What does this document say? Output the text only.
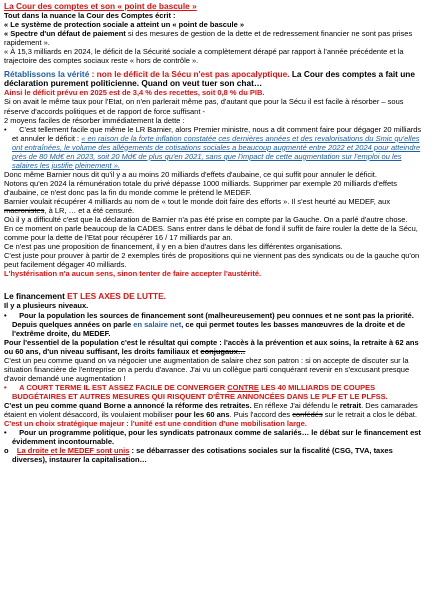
La Cour des comptes et son « point de bascule »
Tout dans la nuance la Cour des Comptes écrit :
« Le système de protection sociale a atteint un « point de bascule »
« Spectre d'un défaut de paiement si des mesures de gestion de la dette et de redressement financier ne sont pas prises rapidement ».
« À 15,3 milliards en 2024, le déficit de la Sécurité sociale a complètement dérapé par rapport à l'année précédente et la trajectoire des comptes sociaux reste « hors de contrôle ».
Rétablissons la vérité : non le déficit de la Sécu n'est pas apocalyptique. La Cour des comptes a fait une déclaration purement politicienne. Quand on veut tuer son chat…
Ainsi le déficit prévu en 2025 est de 3,4 % des recettes, soit 0,8 % du PIB.
Si on avait le même taux pour l'Etat, on n'en parlerait même pas, d'autant que pour la Sécu il est facile à résorber – sous réserve d'accords politiques et de rapport de force suffisant -
2 moyens faciles de résorber immédiatement la dette :
•      C'est tellement facile que même le LR Barnier, alors Premier ministre, nous a dit comment faire pour dégager 20 milliards et annuler le déficit : « en raison de la forte inflation constatée ces dernières années et des revalorisations du Smic qu'elles ont entraînées, le volume des allégements de cotisations sociales a beaucoup augmenté entre 2022 et 2024 pour atteindre près de 80 Md€ en 2023, soit 20 Md€ de plus qu'en 2021, sans que l'impact de cette augmentation sur l'emploi ou les salaires les justifie pleinement ».
Donc même Barnier nous dit qu'il y a au moins 20 milliards d'effets d'aubaine, ce qui suffit pour annuler le déficit.
Notons qu'en 2024 la rémunération totale du privé dépasse 1000 milliards. Supprimer par exemple 20 milliards d'effets d'aubaine, ce n'est donc pas la fin du monde comme le prétend le MEDEF.
Barnier voulait récupérer 4 milliards au nom de « tout le monde doit faire des efforts ». Il s'est heurté au MEDEF, aux macronistes, à LR, … et a été censuré.
Où il y a difficulté c'est que la déclaration de Barnier n'a pas été prise en compte par la Gauche. On a parlé d'autre chose.
En ce moment on parle beaucoup de la CADES. Sans entrer dans le débat de fond il suffit de faire rouler la dette de la Sécu, comme pour la dette de l'Etat pour récupérer 16 / 17 milliards par an.
Ce n'est pas une proposition de financement, il y en a bien d'autres dans les différentes organisations.
C'est juste pour prouver à partir de 2 exemples tirés de propositions qui ne viennent pas des syndicats ou de la gauche qu'on peut facilement dégager 40 milliards.
L'hystérisation n'a aucun sens, sinon tenter de faire accepter l'austérité.
Le financement ET LES AXES DE LUTTE.
Il y a plusieurs niveaux.
•      Pour la population les sources de financement sont (malheureusement) peu connues et ne sont pas la priorité. Depuis quelques années on parle en salaire net, ce qui permet toutes les basses manœuvres de la droite et de l'extrême droite, du MEDEF.
Pour l'essentiel de la population c'est le résultat qui compte : l'accès à la prévention et aux soins, la retraite à 62 ans ou 60 ans, d'un niveau suffisant, les droits familiaux et conjugaux…
C'est un peu comme quand on va négocier une augmentation de salaire chez son patron : si on accepte de discuter sur la situation financière de l'entreprise on a perdu d'avance. J'ai vu un collègue parti conquérant revenir en s'excusant presque d'avoir demandé une augmentation !
•      A COURT TERME IL EST ASSEZ FACILE DE CONVERGER CONTRE LES 40 MILLIARDS DE COUPES BUDGÉTAIRES ET AUTRES MESURES QUI RISQUENT D'ÊTRE ANNONCÉES DANS LE PLF ET LE PLFSS.
C'est un peu comme quand Borne a annoncé la réforme des retraites. En réflexe J'ai défendu le retrait. Des camarades étaient en violent désaccord, ils voulaient mobiliser pour les 60 ans. Puis l'accord des confédés sur le retrait a clos le débat.
C'est un choix stratégique majeur : l'unité est une condition d'une mobilisation large.
•      Pour un programme politique, pour les syndicats patronaux comme de salariés… le débat sur le financement est évidemment incontournable.
o    La droite et le MEDEF sont unis : se débarrasser des cotisations sociales sur la fiscalité (CSG, TVA, taxes diverses), instaurer la capitalisation…
